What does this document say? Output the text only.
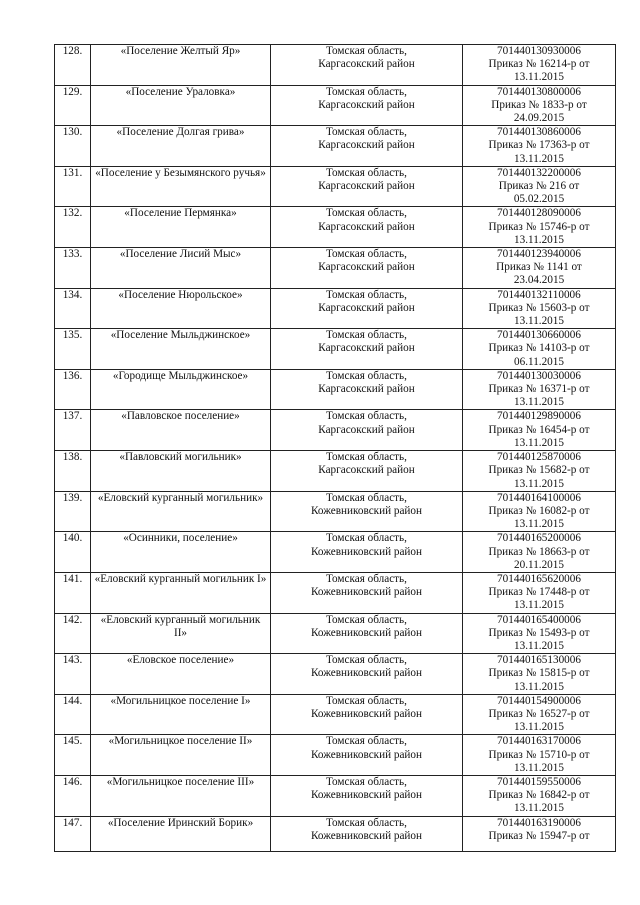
128.	«Поселение Желтый Яр»	Томская область,
Каргасокский район	701440130930006
Приказ № 16214-р от
13.11.2015

129.	«Поселение Ураловка»	Томская область,
Каргасокский район	701440130800006
Приказ № 1833-р от
24.09.2015

130.	«Поселение Долгая грива»	Томская область,
Каргасокский район	701440130860006
Приказ № 17363-р от
13.11.2015

131.	«Поселение у Безымянского ручья»	Томская область,
Каргасокский район	701440132200006
Приказ № 216 от
05.02.2015

132.	«Поселение Пермянка»	Томская область,
Каргасокский район	701440128090006
Приказ № 15746-р от
13.11.2015

133.	«Поселение Лисий Мыс»	Томская область,
Каргасокский район	701440123940006
Приказ № 1141 от
23.04.2015

134.	«Поселение Нюрольское»	Томская область,
Каргасокский район	701440132110006
Приказ № 15603-р от
13.11.2015

135.	«Поселение Мыльджинское»	Томская область,
Каргасокский район	701440130660006
Приказ № 14103-р от
06.11.2015

136.	«Городище Мыльджинское»	Томская область,
Каргасокский район	701440130030006
Приказ № 16371-р от
13.11.2015

137.	«Павловское поселение»	Томская область,
Каргасокский район	701440129890006
Приказ № 16454-р от
13.11.2015

138.	«Павловский могильник»	Томская область,
Каргасокский район	701440125870006
Приказ № 15682-р от
13.11.2015

139.	«Еловский курганный могильник»	Томская область,
Кожевниковский район	701440164100006
Приказ № 16082-р от
13.11.2015

140.	«Осинники, поселение»	Томская область,
Кожевниковский район	701440165200006
Приказ № 18663-р от
20.11.2015

141.	«Еловский курганный могильник I»	Томская область,
Кожевниковский район	701440165620006
Приказ № 17448-р от
13.11.2015

142.	«Еловский курганный могильник II»	Томская область,
Кожевниковский район	701440165400006
Приказ № 15493-р от
13.11.2015

143.	«Еловское поселение»	Томская область,
Кожевниковский район	701440165130006
Приказ № 15815-р от
13.11.2015

144.	«Могильницкое поселение I»	Томская область,
Кожевниковский район	701440154900006
Приказ № 16527-р от
13.11.2015

145.	«Могильницкое поселение II»	Томская область,
Кожевниковский район	701440163170006
Приказ № 15710-р от
13.11.2015

146.	«Могильницкое поселение III»	Томская область,
Кожевниковский район	701440159550006
Приказ № 16842-р от
13.11.2015

147.	«Поселение Иринский Борик»	Томская область,
Кожевниковский район	701440163190006
Приказ № 15947-р от
